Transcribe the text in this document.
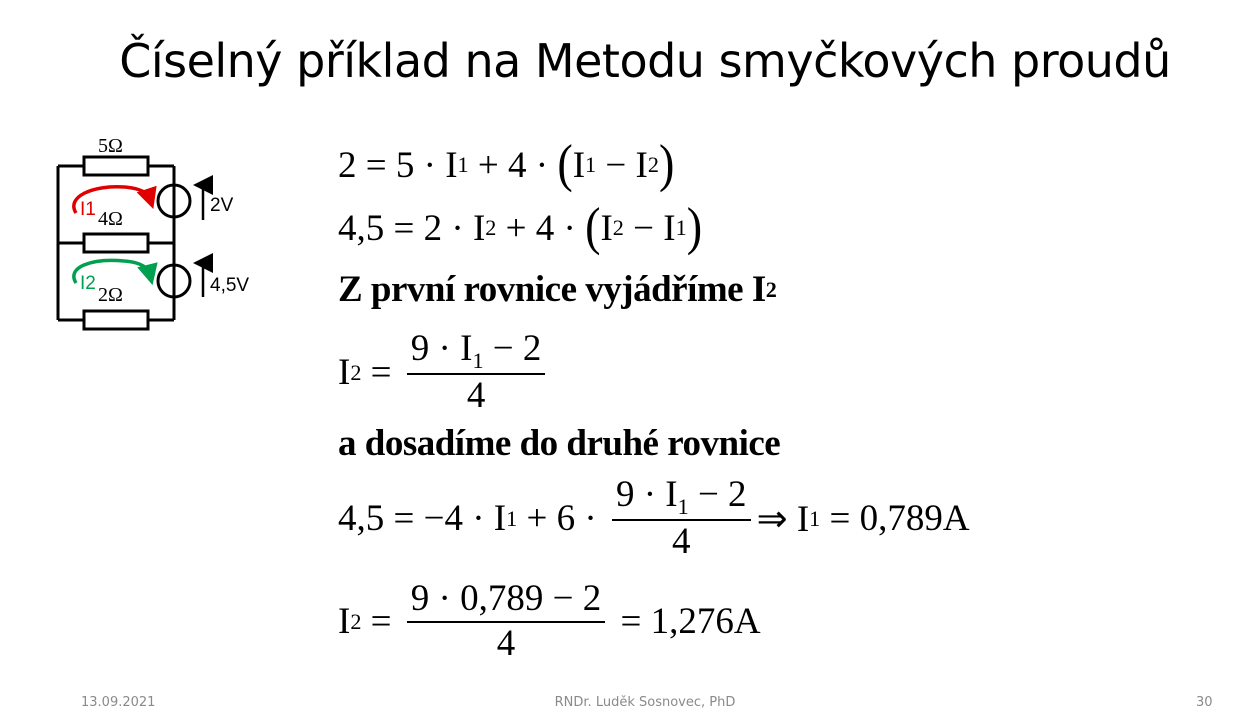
Číselný příklad na Metodu smyčkových proudů
5Ω
4Ω
2Ω
I1
I2
2V
4,5V
2 = 5 · I 1 + 4 · ( I 1 − I 2 )
4,5 = 2 · I 2 + 4 · ( I 2 − I 1 )
Z první rovnice vyjádříme I 2
I $2 = \frac{9 \cdot I_1 - 2}{4}$
a dosadíme do druhé rovnice
4,5 = −4 · I $1 + 6 \cdot \frac{9 \cdot I_1 - 2}{4}$ ⇒ I 1 = 0,789A
I $2 = \frac{9 \cdot 0,789 - 2}{4} = 1,276A$
13.09.2021	RNDr. Luděk Sosnovec, PhD	30
